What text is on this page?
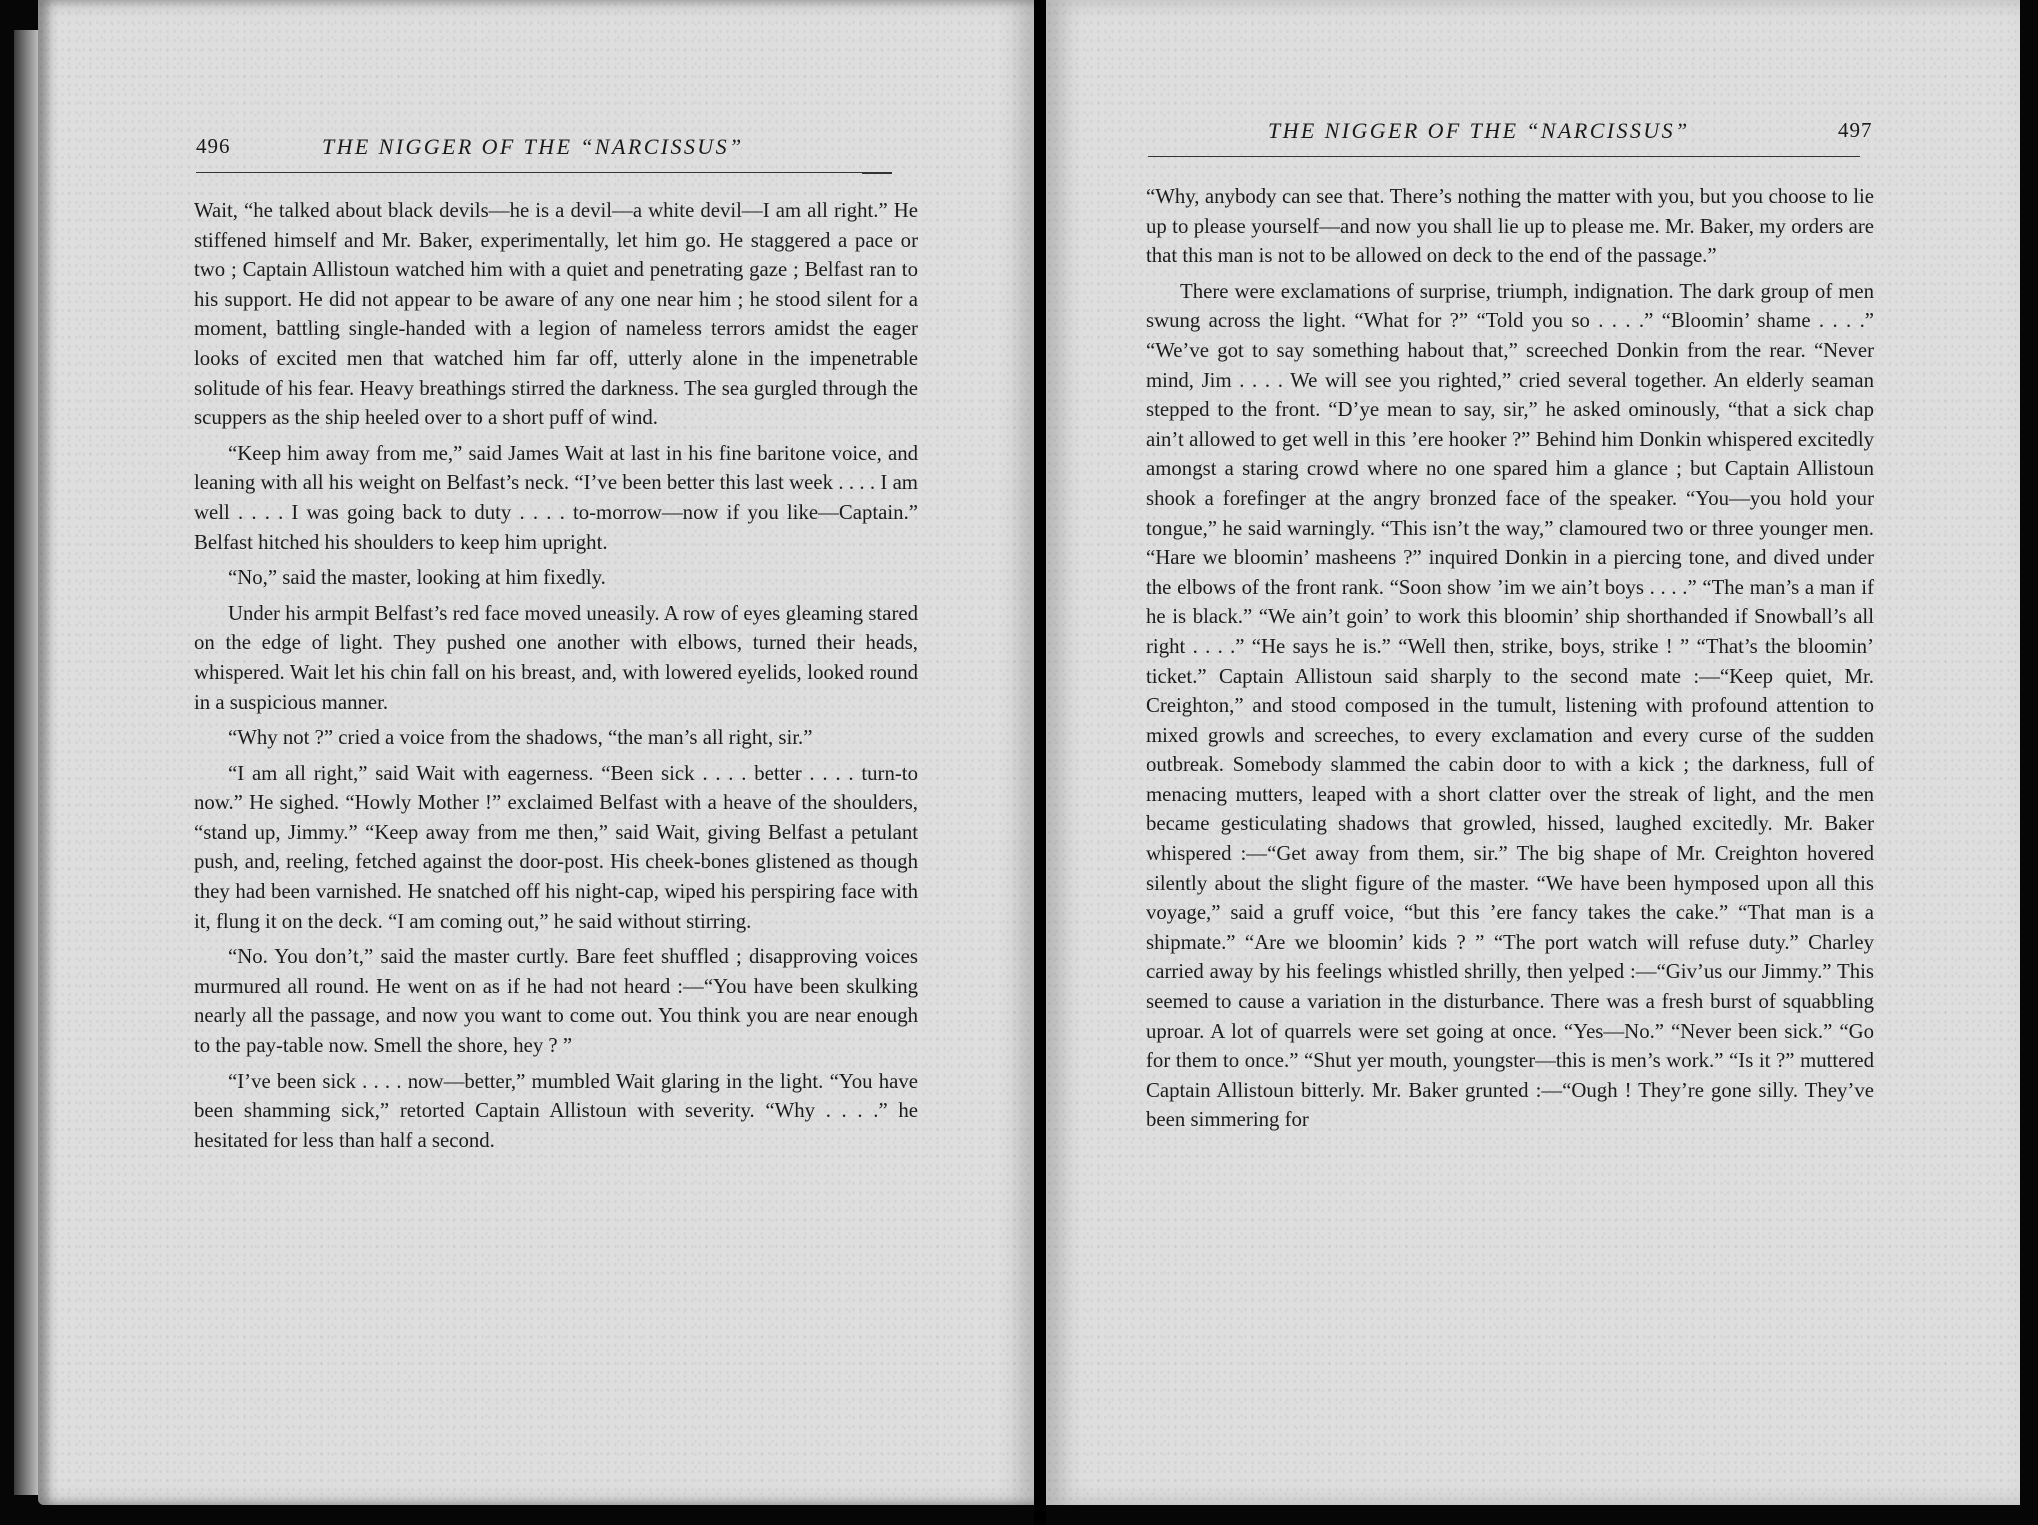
496	THE NIGGER OF THE “NARCISSUS”

Wait, “he talked about black devils—he is a devil—a white devil—I am all right.” He stiffened himself and Mr. Baker, experimentally, let him go. He staggered a pace or two ; Captain Allistoun watched him with a quiet and penetrating gaze ; Belfast ran to his support. He did not appear to be aware of any one near him ; he stood silent for a moment, battling single-handed with a legion of nameless terrors amidst the eager looks of excited men that watched him far off, utterly alone in the impenetrable solitude of his fear. Heavy breathings stirred the darkness. The sea gurgled through the scuppers as the ship heeled over to a short puff of wind.

“Keep him away from me,” said James Wait at last in his fine baritone voice, and leaning with all his weight on Belfast’s neck. “I’ve been better this last week . . . . I am well . . . . I was going back to duty . . . . to-morrow—now if you like—Captain.” Belfast hitched his shoulders to keep him upright.

“No,” said the master, looking at him fixedly.

Under his armpit Belfast’s red face moved uneasily. A row of eyes gleaming stared on the edge of light. They pushed one another with elbows, turned their heads, whispered. Wait let his chin fall on his breast, and, with lowered eyelids, looked round in a suspicious manner.

“Why not ?” cried a voice from the shadows, “the man’s all right, sir.”

“I am all right,” said Wait with eagerness. “Been sick . . . . better . . . . turn-to now.” He sighed. “Howly Mother !” exclaimed Belfast with a heave of the shoulders, “stand up, Jimmy.” “Keep away from me then,” said Wait, giving Belfast a petulant push, and, reeling, fetched against the door-post. His cheek-bones glistened as though they had been varnished. He snatched off his night-cap, wiped his perspiring face with it, flung it on the deck. “I am coming out,” he said without stirring.

“No. You don’t,” said the master curtly. Bare feet shuffled ; disapproving voices murmured all round. He went on as if he had not heard :—“You have been skulking nearly all the passage, and now you want to come out. You think you are near enough to the pay-table now. Smell the shore, hey ? ”

“I’ve been sick . . . . now—better,” mumbled Wait glaring in the light. “You have been shamming sick,” retorted Captain Allistoun with severity. “Why . . . .” he hesitated for less than half a second.

THE NIGGER OF THE “NARCISSUS”	497

“Why, anybody can see that. There’s nothing the matter with you, but you choose to lie up to please yourself—and now you shall lie up to please me. Mr. Baker, my orders are that this man is not to be allowed on deck to the end of the passage.”

There were exclamations of surprise, triumph, indignation. The dark group of men swung across the light. “What for ?” “Told you so . . . .” “Bloomin’ shame . . . .” “We’ve got to say something habout that,” screeched Donkin from the rear. “Never mind, Jim . . . . We will see you righted,” cried several together. An elderly seaman stepped to the front. “D’ye mean to say, sir,” he asked ominously, “that a sick chap ain’t allowed to get well in this ’ere hooker ?” Behind him Donkin whispered excitedly amongst a staring crowd where no one spared him a glance ; but Captain Allistoun shook a forefinger at the angry bronzed face of the speaker. “You—you hold your tongue,” he said warningly. “This isn’t the way,” clamoured two or three younger men. “Hare we bloomin’ masheens ?” inquired Donkin in a piercing tone, and dived under the elbows of the front rank. “Soon show ’im we ain’t boys . . . .” “The man’s a man if he is black.” “We ain’t goin’ to work this bloomin’ ship shorthanded if Snowball’s all right . . . .” “He says he is.” “Well then, strike, boys, strike ! ” “That’s the bloomin’ ticket.” Captain Allistoun said sharply to the second mate :—“Keep quiet, Mr. Creighton,” and stood composed in the tumult, listening with profound attention to mixed growls and screeches, to every exclamation and every curse of the sudden outbreak. Somebody slammed the cabin door to with a kick ; the darkness, full of menacing mutters, leaped with a short clatter over the streak of light, and the men became gesticulating shadows that growled, hissed, laughed excitedly. Mr. Baker whispered :—“Get away from them, sir.” The big shape of Mr. Creighton hovered silently about the slight figure of the master. “We have been hymposed upon all this voyage,” said a gruff voice, “but this ’ere fancy takes the cake.” “That man is a shipmate.” “Are we bloomin’ kids ? ” “The port watch will refuse duty.” Charley carried away by his feelings whistled shrilly, then yelped :—“Giv’us our Jimmy.” This seemed to cause a variation in the disturbance. There was a fresh burst of squabbling uproar. A lot of quarrels were set going at once. “Yes—No.” “Never been sick.” “Go for them to once.” “Shut yer mouth, youngster—this is men’s work.” “Is it ?” muttered Captain Allistoun bitterly. Mr. Baker grunted :—“Ough ! They’re gone silly. They’ve been simmering for
